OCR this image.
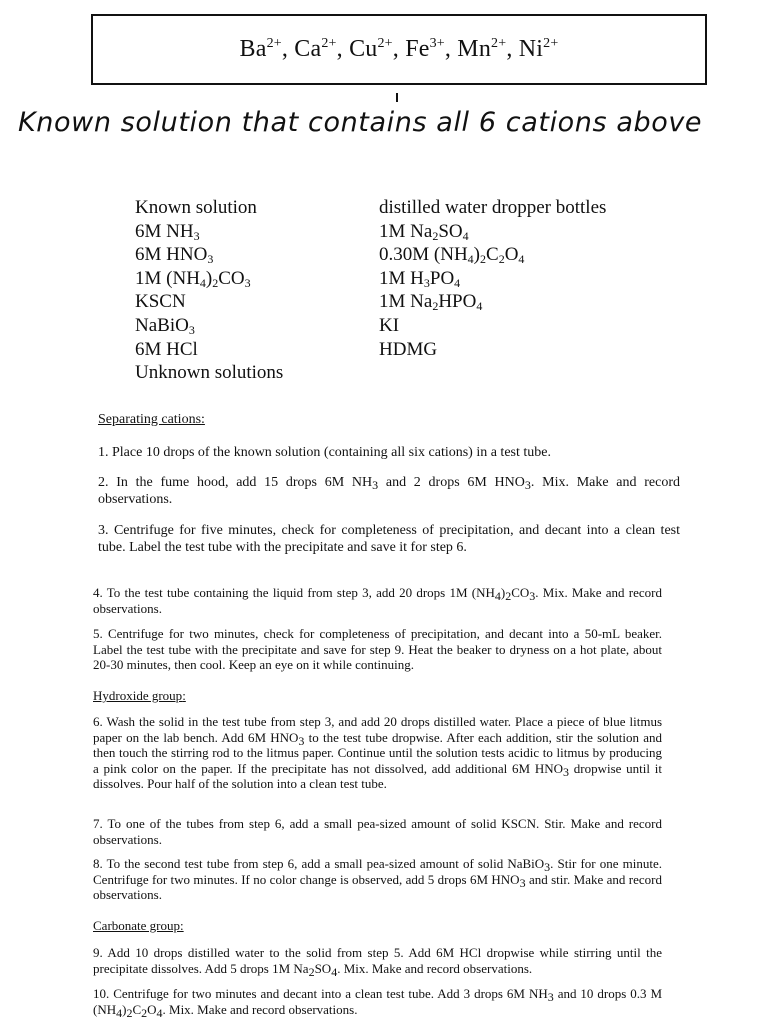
$Ba^{2+}$, $Ca^{2+}$, $Cu^{2+}$, $Fe^{3+}$, $Mn^{2+}$, $Ni^{2+}$
Known solution that contains all 6 cations above
Known solution
6M $NH_3$
6M $HNO_3$
1M $(NH_4)_2CO_3$
KSCN
NaBiO$_3$
6M HCl
Unknown solutions
distilled water dropper bottles
1M $Na_2SO_4$
0.30M $(NH_4)_2C_2O_4$
1M $H_3PO_4$
1M $Na_2HPO_4$
KI
HDMG
Separating cations:
1. Place 10 drops of the known solution (containing all six cations) in a test tube.
2. In the fume hood, add 15 drops 6M NH3 and 2 drops 6M HNO3. Mix. Make and record observations.
3. Centrifuge for five minutes, check for completeness of precipitation, and decant into a clean test tube. Label the test tube with the precipitate and save it for step 6.
4. To the test tube containing the liquid from step 3, add 20 drops 1M (NH4)2CO3. Mix. Make and record observations.
5. Centrifuge for two minutes, check for completeness of precipitation, and decant into a 50-mL beaker. Label the test tube with the precipitate and save for step 9. Heat the beaker to dryness on a hot plate, about 20-30 minutes, then cool. Keep an eye on it while continuing.
Hydroxide group:
6. Wash the solid in the test tube from step 3, and add 20 drops distilled water. Place a piece of blue litmus paper on the lab bench. Add 6M HNO3 to the test tube dropwise. After each addition, stir the solution and then touch the stirring rod to the litmus paper. Continue until the solution tests acidic to litmus by producing a pink color on the paper. If the precipitate has not dissolved, add additional 6M HNO3 dropwise until it dissolves. Pour half of the solution into a clean test tube.
7. To one of the tubes from step 6, add a small pea-sized amount of solid KSCN. Stir. Make and record observations.
8. To the second test tube from step 6, add a small pea-sized amount of solid NaBiO3. Stir for one minute. Centrifuge for two minutes. If no color change is observed, add 5 drops 6M HNO3 and stir. Make and record observations.
Carbonate group:
9. Add 10 drops distilled water to the solid from step 5. Add 6M HCl dropwise while stirring until the precipitate dissolves. Add 5 drops 1M Na2SO4. Mix. Make and record observations.
10. Centrifuge for two minutes and decant into a clean test tube. Add 3 drops 6M NH3 and 10 drops 0.3 M (NH4)2C2O4. Mix. Make and record observations.
